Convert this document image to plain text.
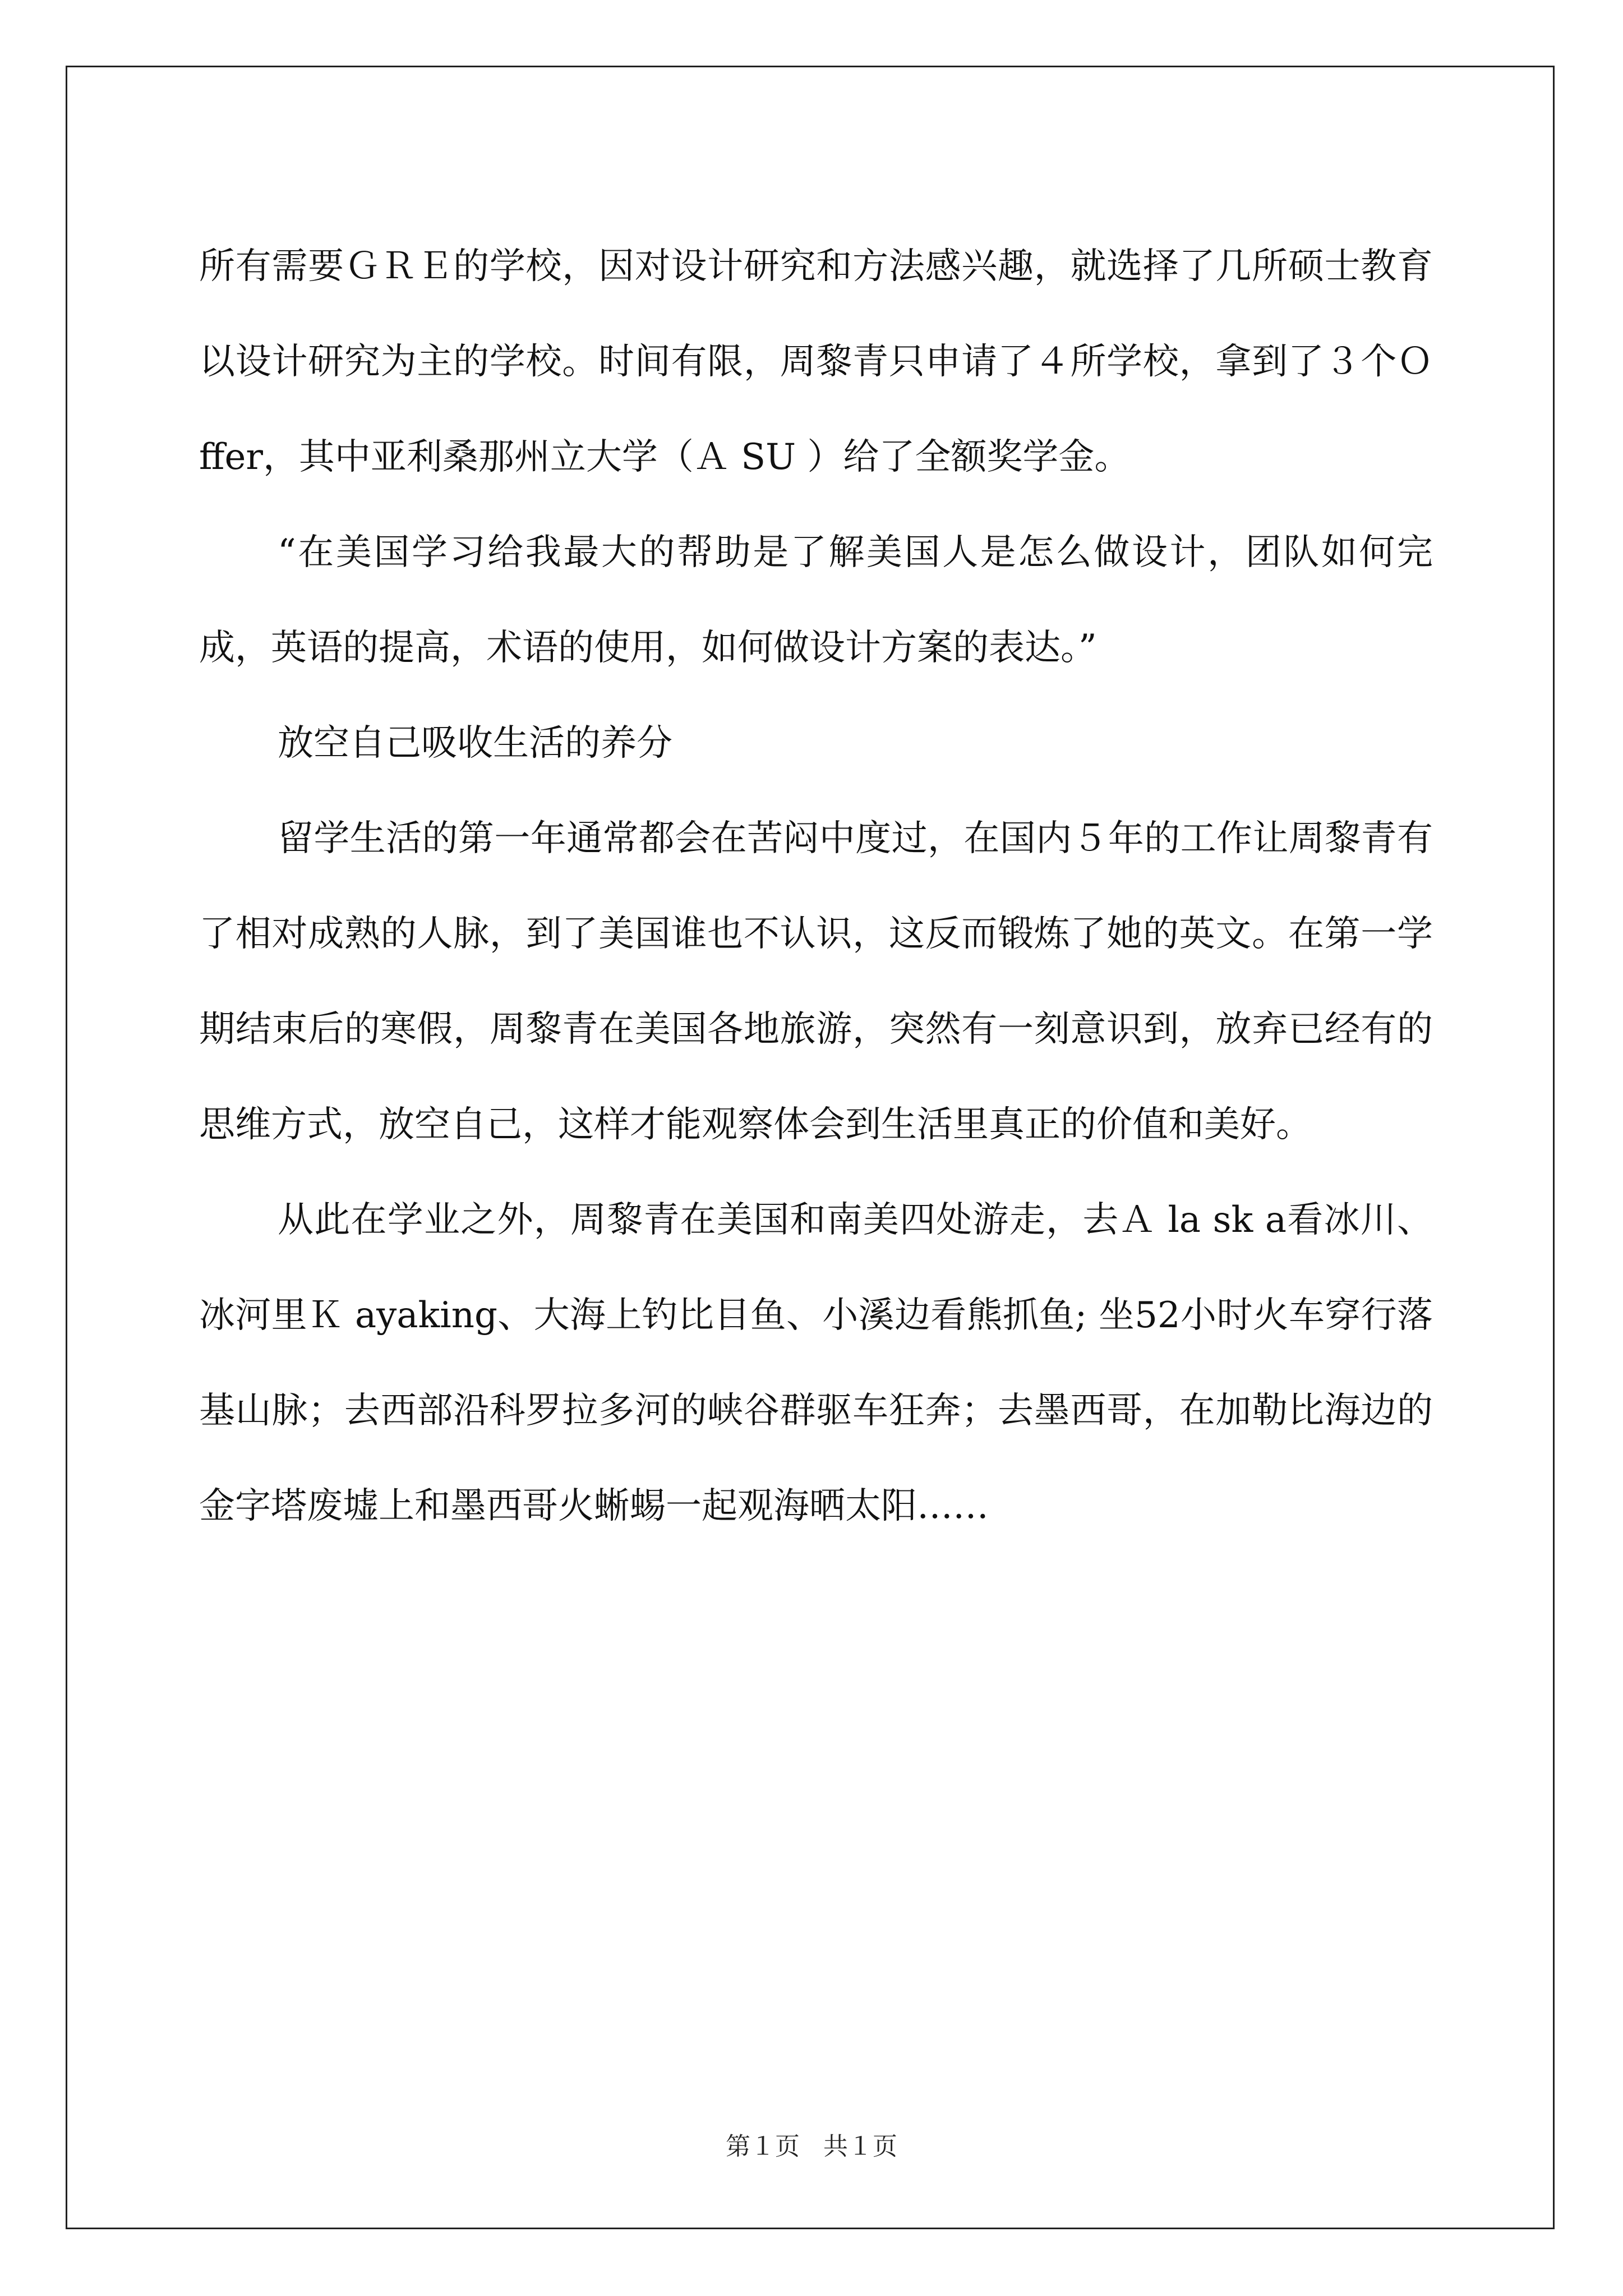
所有需要ＧＲＥ的学校，因对设计研究和方法感兴趣，就选择了几所硕士教育以设计研究为主的学校。时间有限，周黎青只申请了４所学校，拿到了３个Ｏ ffer，其中亚利桑那州立大学（Ａ SU ）给了全额奖学金。

“在美国学习给我最大的帮助是了解美国人是怎么做设计，团队如何完成，英语的提高，术语的使用，如何做设计方案的表达。”

放空自己吸收生活的养分

留学生活的第一年通常都会在苦闷中度过，在国内５年的工作让周黎青有了相对成熟的人脉，到了美国谁也不认识，这反而锻炼了她的英文。在第一学期结束后的寒假，周黎青在美国各地旅游，突然有一刻意识到，放弃已经有的思维方式，放空自己，这样才能观察体会到生活里真正的价值和美好。

从此在学业之外，周黎青在美国和南美四处游走，去Ａ la sk a看冰川、冰河里Ｋ ayaking、大海上钓比目鱼、小溪边看熊抓鱼; 坐52小时火车穿行落基山脉；去西部沿科罗拉多河的峡谷群驱车狂奔；去墨西哥，在加勒比海边的金字塔废墟上和墨西哥火蜥蜴一起观海晒太阳……

第１页 共１页
